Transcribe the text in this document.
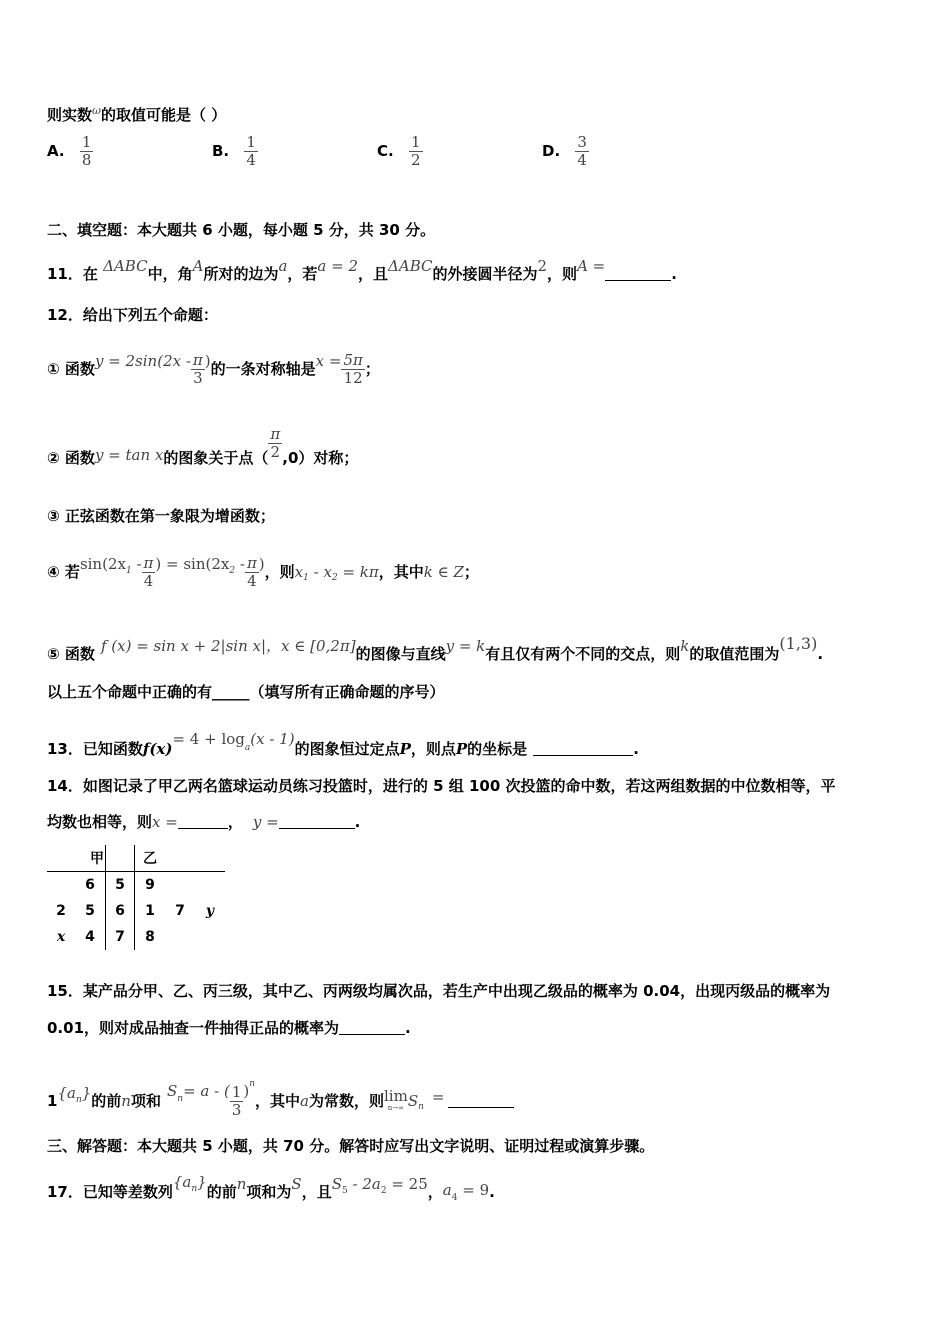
则实数$^\omega$的取值可能是（ ）
A. $\frac{1}{8}$	B. $\frac{1}{4}$	C. $\frac{1}{2}$	D. $\frac{3}{4}$
二、填空题：本大题共 6 小题，每小题 5 分，共 30 分。
11．在 ΔABC中，角A所对的边为a，若a = 2，且ΔABC的外接圆半径为2，则A =	.
12．给出下列五个命题：
① 函数$y = 2\sin(2x - \frac{\pi}{3}$ )的一条对称轴是$x = \frac{5\pi}{12}$ ；
② 函数y = tan x的图象关于点（ $\frac{\pi}{2} ,0$）对称；
③ 正弦函数在第一象限为增函数；
④ 若$\sin(2x^1 - \frac{\pi}{4}$ ) = $\sin(2x^2 - \frac{\pi}{4}$ )，则$x_1 - x_2 = k\pi$，其中k ∈ Z；
⑤ 函数 f (x) = sin x + 2|sin x|，x ∈ [0,2π]的图像与直线y = k有且仅有两个不同的交点，则k的取值范围为(1,3).
以上五个命题中正确的有_____（填写所有正确命题的序号）
13．已知函数$f(x)= 4 + \log^a(x - 1)$的图象恒过定点P，则点P的坐标是	.
14．如图记录了甲乙两名篮球运动员练习投篮时，进行的 5 组 100 次投篮的命中数，若这两组数据的中位数相等，平
均数也相等，则x =	， y =	.
	甲		乙		
	6		5	9		
2	5		6	1	7	y
x	4		7	8		
15．某产品分甲、乙、丙三级，其中乙、丙两级均属次品，若生产中出现乙级品的概率为 0.04，出现丙级品的概率为
0.01，则对成品抽查一件抽得正品的概率为	.
$1\{a^n\}$的前n项和$S^n= a$ - ( $\frac{1}{3} )^n$，其中a为常数，则 lim
n→∞ $S_n=$
三、解答题：本大题共 5 小题，共 70 分。解答时应写出文字说明、证明过程或演算步骤。
17．已知等差数列$\{a^n\}$的前n项和为S，且$S^5 - 2a^2 = 25$，$a_4 = 9$.
